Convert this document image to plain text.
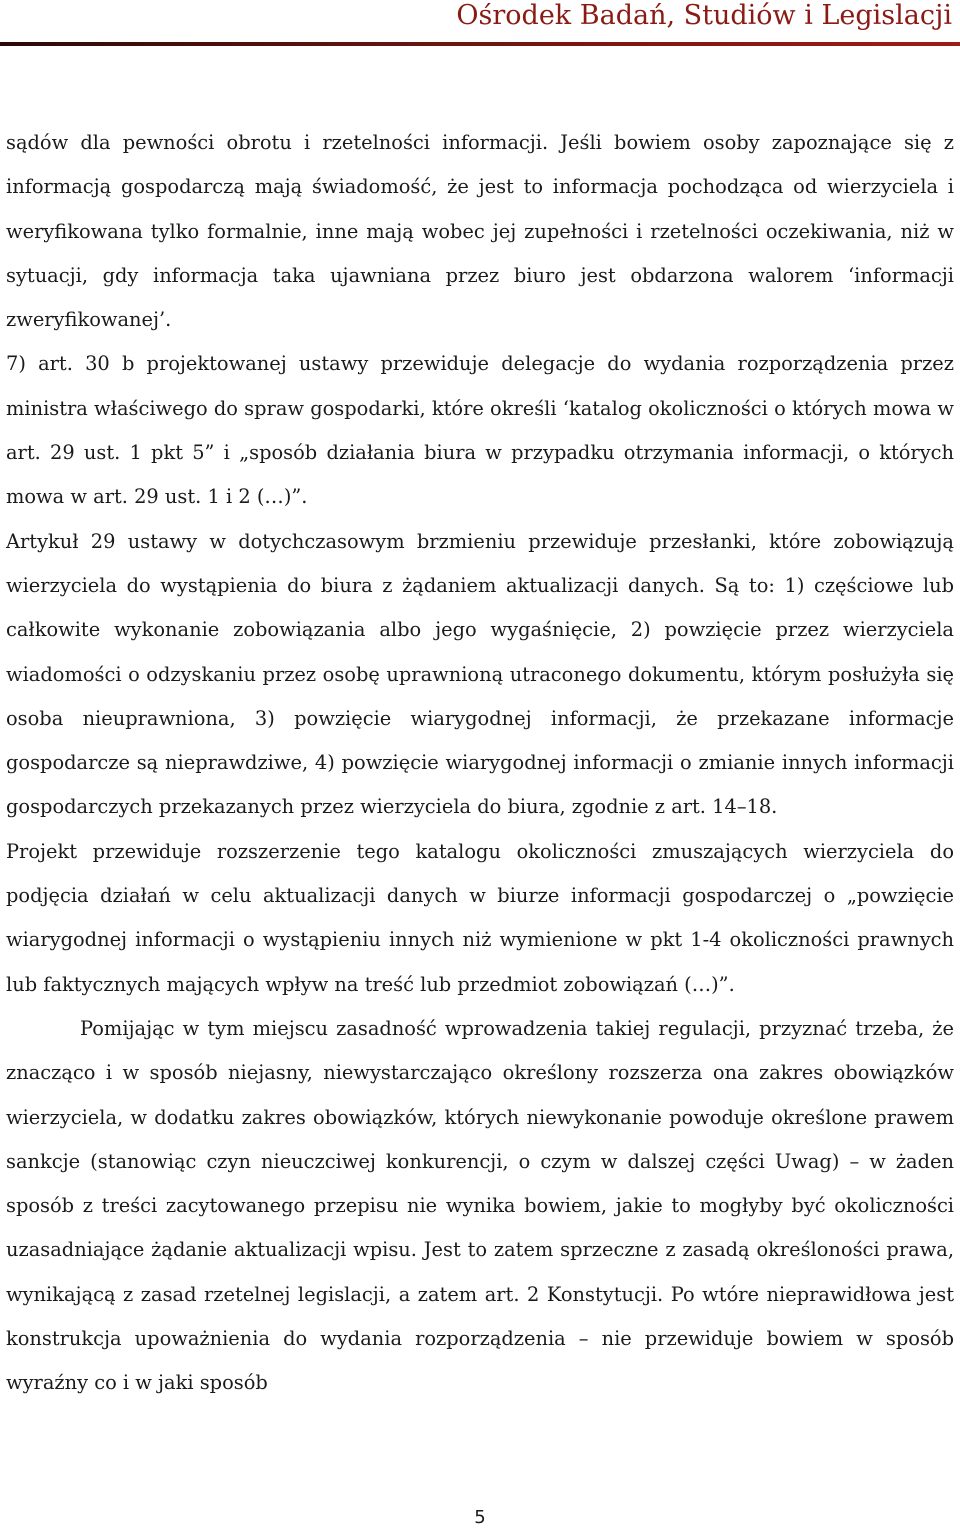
Ośrodek Badań, Studiów i Legislacji

sądów dla pewności obrotu i rzetelności informacji. Jeśli bowiem osoby zapoznające się z informacją gospodarczą mają świadomość, że jest to informacja pochodząca od wierzyciela i weryfikowana tylko formalnie, inne mają wobec jej zupełności i rzetelności oczekiwania, niż w sytuacji, gdy informacja taka ujawniana przez biuro jest obdarzona walorem ‘informacji zweryfikowanej’.

7) art. 30 b projektowanej ustawy przewiduje delegacje do wydania rozporządzenia przez ministra właściwego do spraw gospodarki, które określi ‘katalog okoliczności o których mowa w art. 29 ust. 1 pkt 5” i „sposób działania biura w przypadku otrzymania informacji, o których mowa w art. 29 ust. 1 i 2 (…)”.

Artykuł 29 ustawy w dotychczasowym brzmieniu przewiduje przesłanki, które zobowiązują wierzyciela do wystąpienia do biura z żądaniem aktualizacji danych. Są to: 1) częściowe lub całkowite wykonanie zobowiązania albo jego wygaśnięcie, 2) powzięcie przez wierzyciela wiadomości o odzyskaniu przez osobę uprawnioną utraconego dokumentu, którym posłużyła się osoba nieuprawniona, 3) powzięcie wiarygodnej informacji, że przekazane informacje gospodarcze są nieprawdziwe, 4) powzięcie wiarygodnej informacji o zmianie innych informacji gospodarczych przekazanych przez wierzyciela do biura, zgodnie z art. 14–18.

Projekt przewiduje rozszerzenie tego katalogu okoliczności zmuszających wierzyciela do podjęcia działań w celu aktualizacji danych w biurze informacji gospodarczej o „powzięcie wiarygodnej informacji o wystąpieniu innych niż wymienione w pkt 1-4 okoliczności prawnych lub faktycznych mających wpływ na treść lub przedmiot zobowiązań (…)”.

Pomijając w tym miejscu zasadność wprowadzenia takiej regulacji, przyznać trzeba, że znacząco i w sposób niejasny, niewystarczająco określony rozszerza ona zakres obowiązków wierzyciela, w dodatku zakres obowiązków, których niewykonanie powoduje określone prawem sankcje (stanowiąc czyn nieuczciwej konkurencji, o czym w dalszej części Uwag) – w żaden sposób z treści zacytowanego przepisu nie wynika bowiem, jakie to mogłyby być okoliczności uzasadniające żądanie aktualizacji wpisu. Jest to zatem sprzeczne z zasadą określoności prawa, wynikającą z zasad rzetelnej legislacji, a zatem art. 2 Konstytucji. Po wtóre nieprawidłowa jest konstrukcja upoważnienia do wydania rozporządzenia – nie przewiduje bowiem w sposób wyraźny co i w jaki sposób

5
